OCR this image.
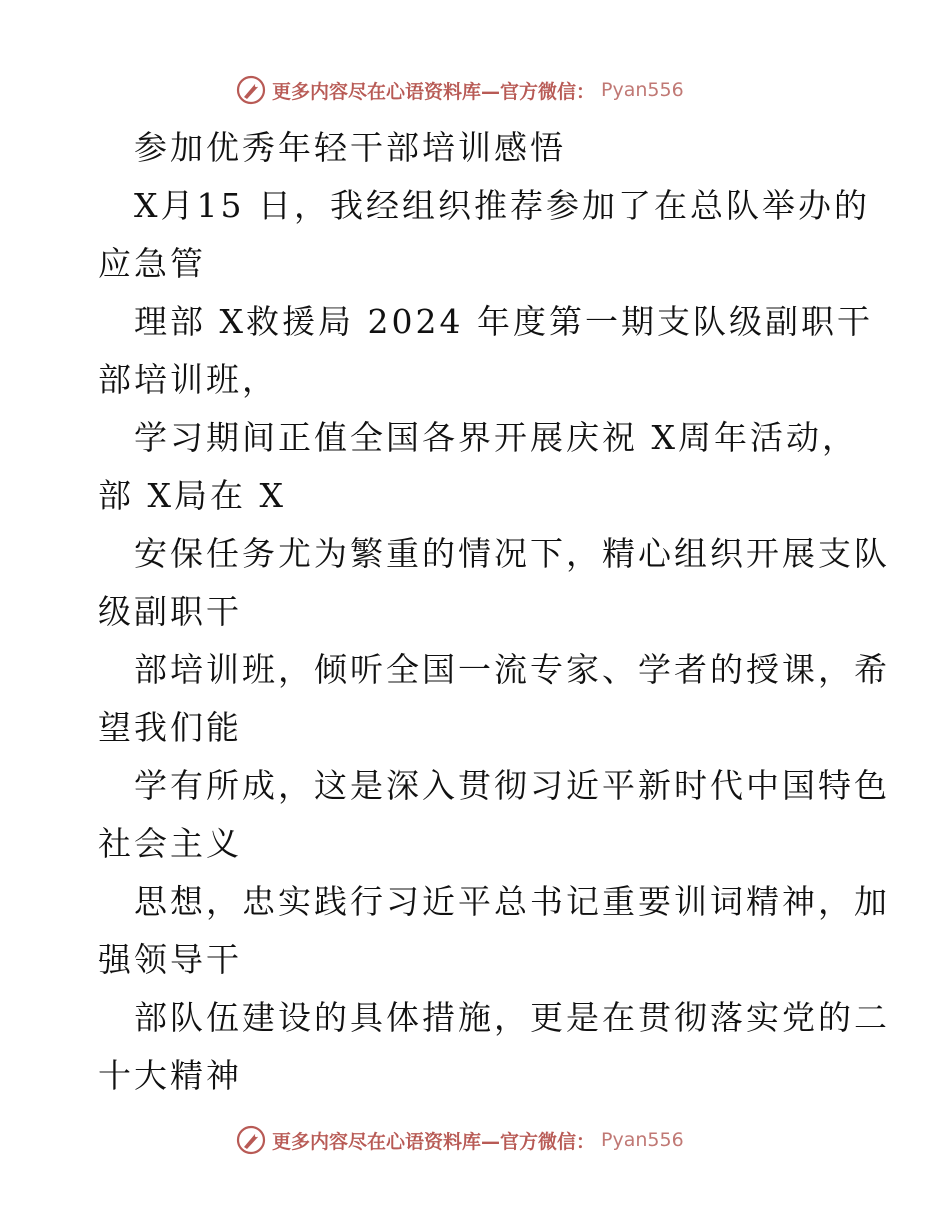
更多内容尽在心语资料库—官方微信： Pyan556
参加优秀年轻干部培训感悟
X月15 日，我经组织推荐参加了在总队举办的
应急管
理部 X救援局 2024 年度第一期支队级副职干
部培训班，
学习期间正值全国各界开展庆祝 X周年活动，
部 X局在 X
安保任务尤为繁重的情况下，精心组织开展支队
级副职干
部培训班，倾听全国一流专家、学者的授课，希
望我们能
学有所成，这是深入贯彻习近平新时代中国特色
社会主义
思想，忠实践行习近平总书记重要训词精神，加
强领导干
部队伍建设的具体措施，更是在贯彻落实党的二
十大精神
更多内容尽在心语资料库—官方微信： Pyan556
